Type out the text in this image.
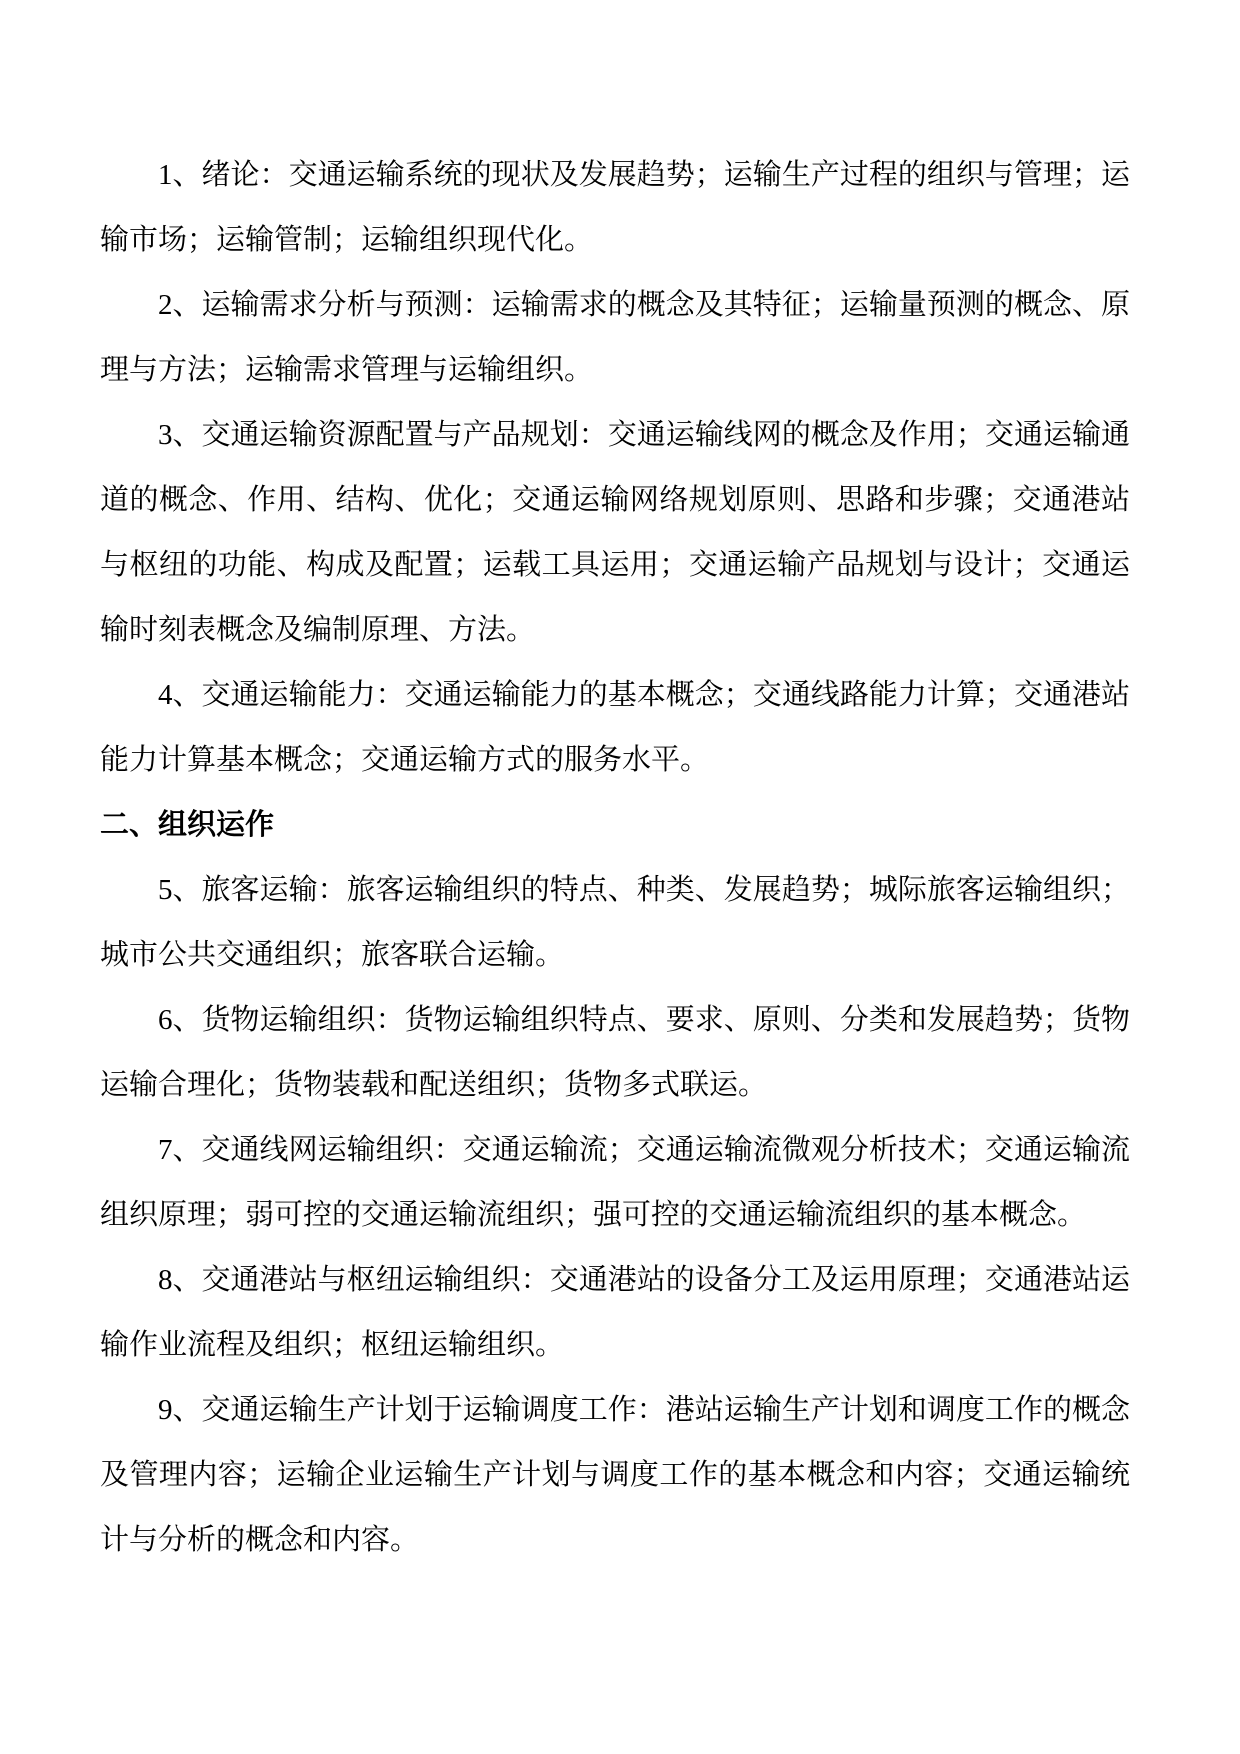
1、绪论：交通运输系统的现状及发展趋势；运输生产过程的组织与管理；运输市场；运输管制；运输组织现代化。

2、运输需求分析与预测：运输需求的概念及其特征；运输量预测的概念、原理与方法；运输需求管理与运输组织。

3、交通运输资源配置与产品规划：交通运输线网的概念及作用；交通运输通道的概念、作用、结构、优化；交通运输网络规划原则、思路和步骤；交通港站与枢纽的功能、构成及配置；运载工具运用；交通运输产品规划与设计；交通运输时刻表概念及编制原理、方法。

4、交通运输能力：交通运输能力的基本概念；交通线路能力计算；交通港站能力计算基本概念；交通运输方式的服务水平。

二、组织运作

5、旅客运输：旅客运输组织的特点、种类、发展趋势；城际旅客运输组织；城市公共交通组织；旅客联合运输。

6、货物运输组织：货物运输组织特点、要求、原则、分类和发展趋势；货物运输合理化；货物装载和配送组织；货物多式联运。

7、交通线网运输组织：交通运输流；交通运输流微观分析技术；交通运输流组织原理；弱可控的交通运输流组织；强可控的交通运输流组织的基本概念。

8、交通港站与枢纽运输组织：交通港站的设备分工及运用原理；交通港站运输作业流程及组织；枢纽运输组织。

9、交通运输生产计划于运输调度工作：港站运输生产计划和调度工作的概念及管理内容；运输企业运输生产计划与调度工作的基本概念和内容；交通运输统计与分析的概念和内容。
